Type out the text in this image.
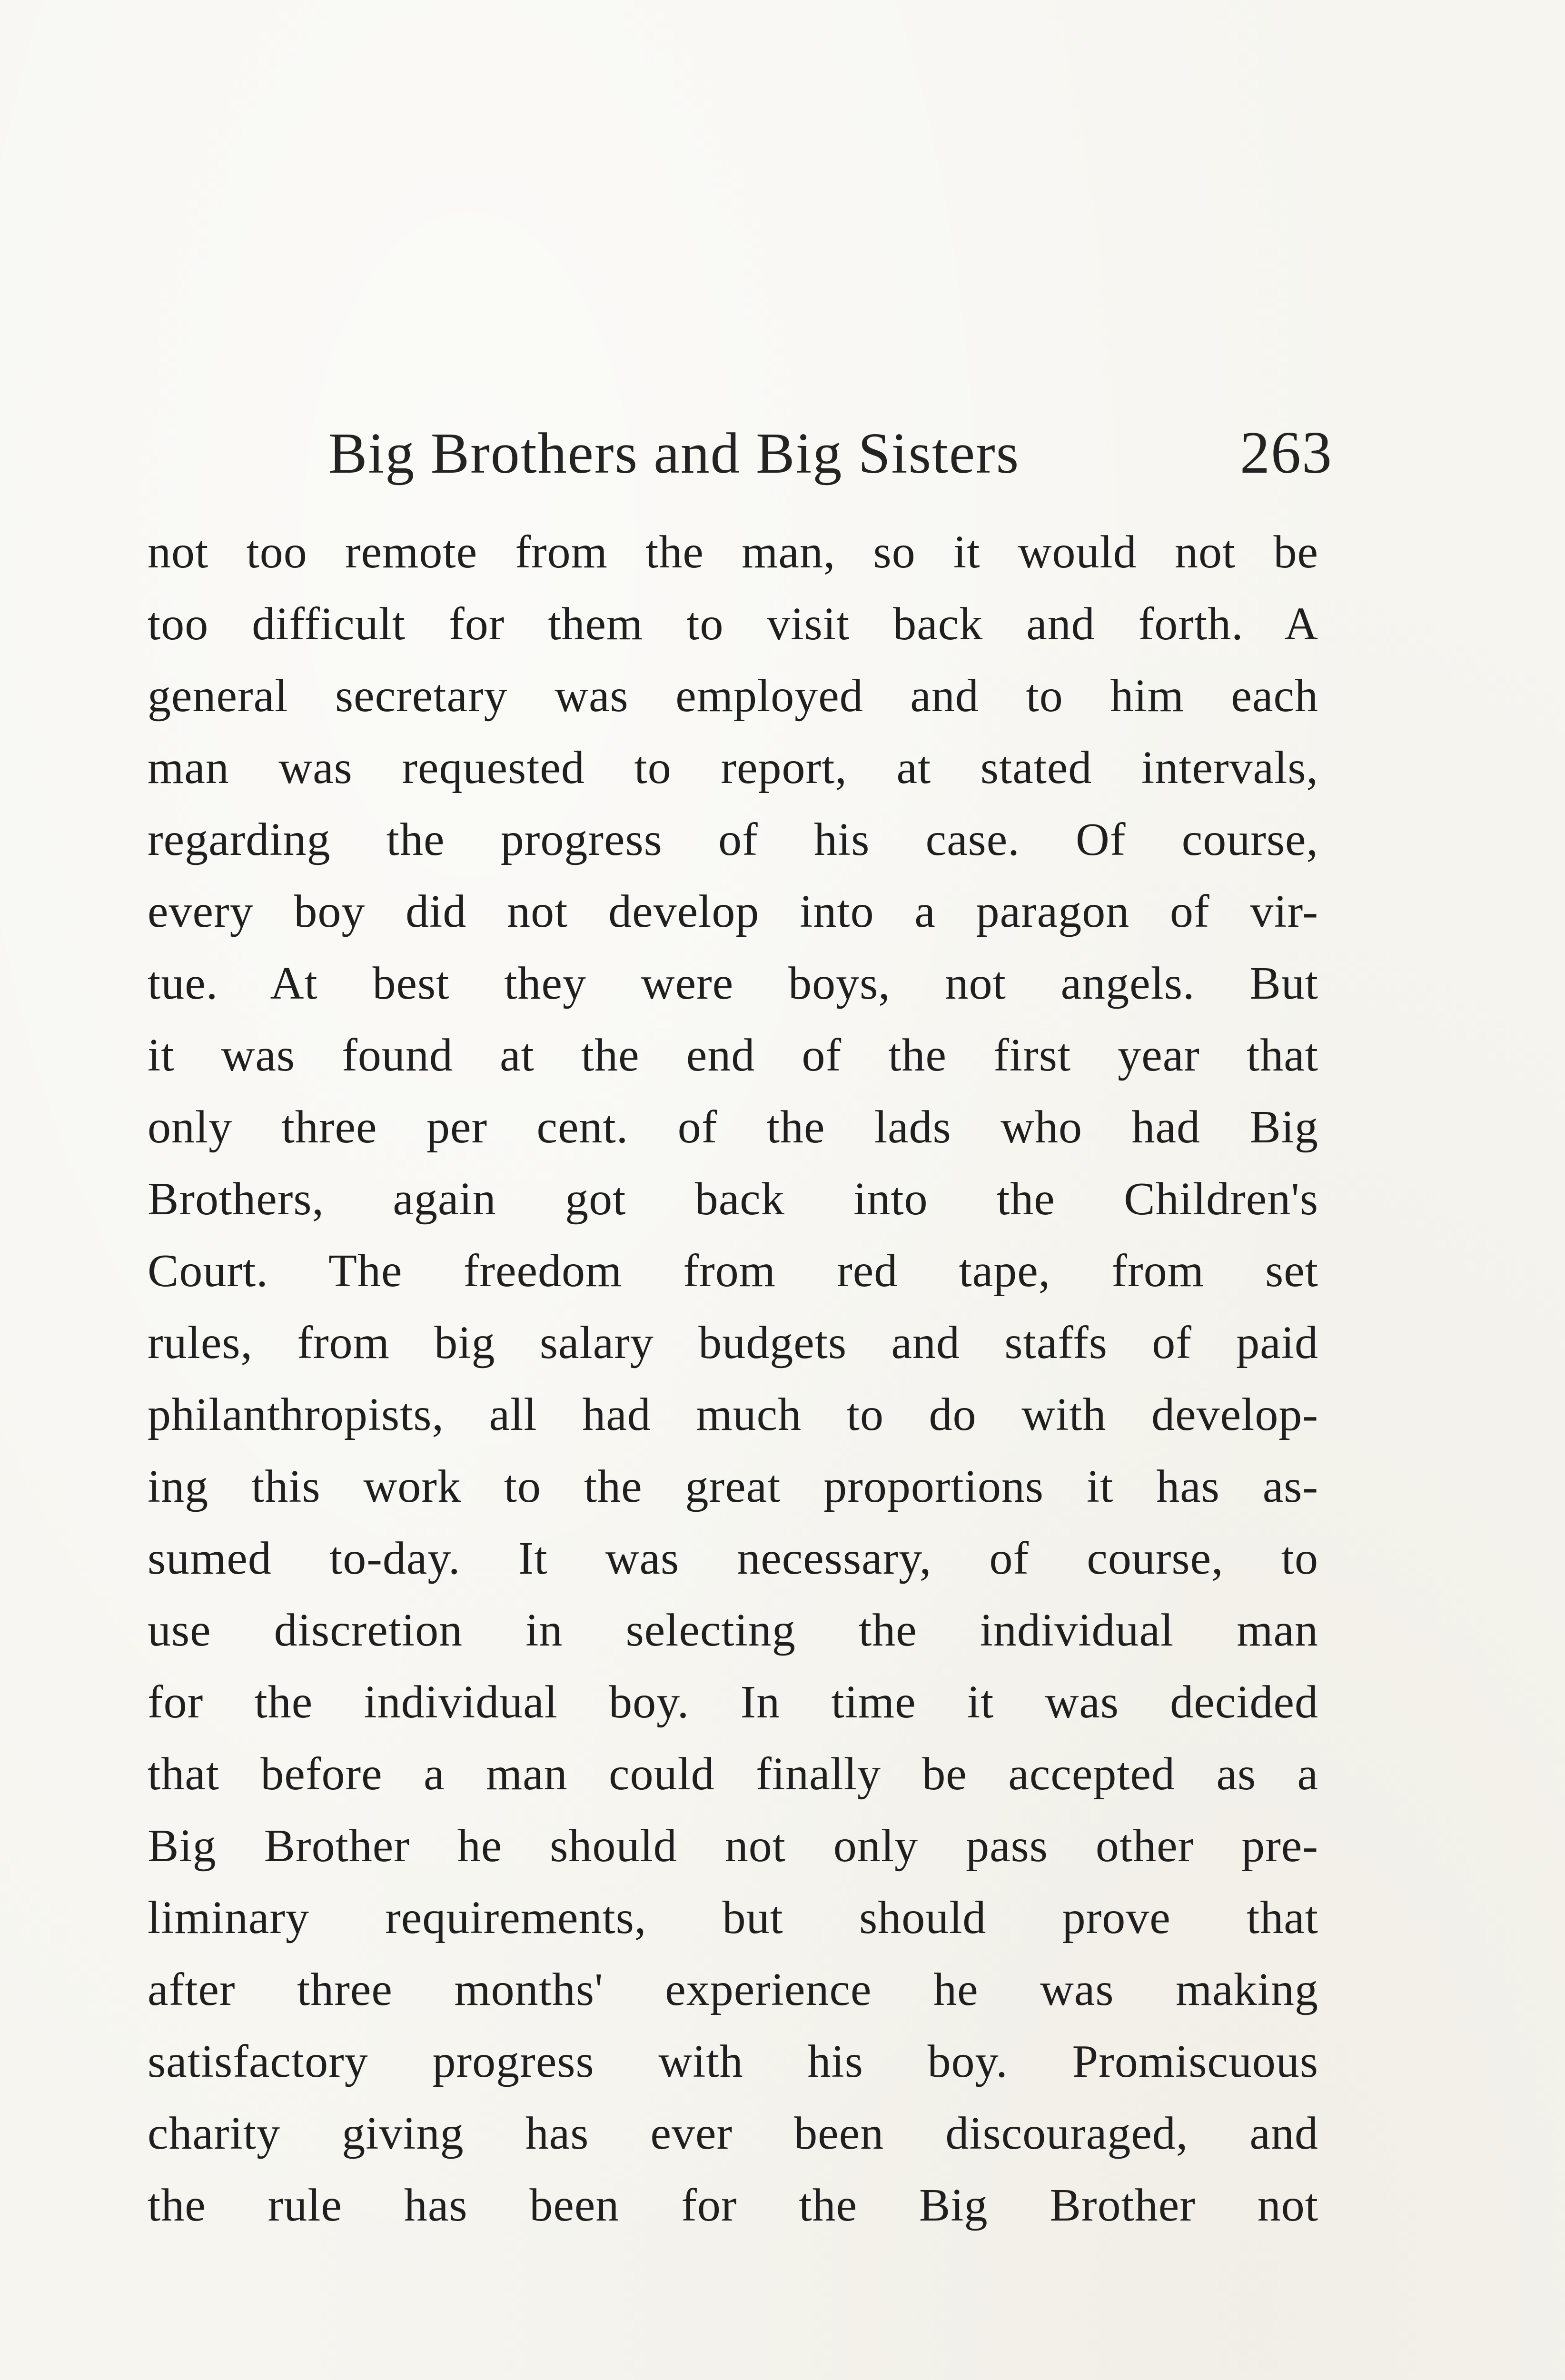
Big Brothers and Big Sisters	263
not too remote from the man, so it would not be
too difficult for them to visit back and forth. A
general secretary was employed and to him each
man was requested to report, at stated intervals,
regarding the progress of his case. Of course,
every boy did not develop into a paragon of vir-
tue. At best they were boys, not angels. But
it was found at the end of the first year that
only three per cent. of the lads who had Big
Brothers, again got back into the Children's
Court. The freedom from red tape, from set
rules, from big salary budgets and staffs of paid
philanthropists, all had much to do with develop-
ing this work to the great proportions it has as-
sumed to-day. It was necessary, of course, to
use discretion in selecting the individual man
for the individual boy. In time it was decided
that before a man could finally be accepted as a
Big Brother he should not only pass other pre-
liminary requirements, but should prove that
after three months' experience he was making
satisfactory progress with his boy. Promiscuous
charity giving has ever been discouraged, and
the rule has been for the Big Brother not
